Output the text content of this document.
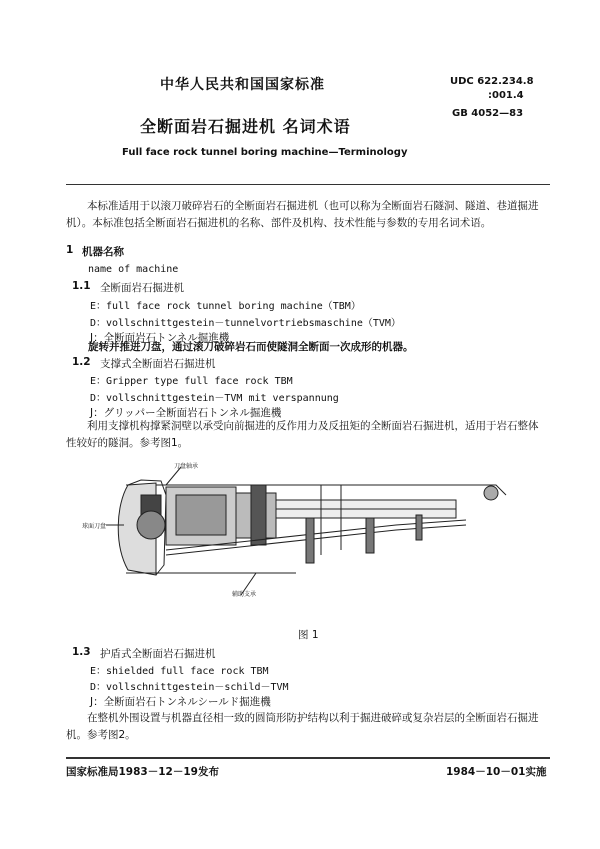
中华人民共和国国家标准	UDC 622.234.8
:001.4
GB 4052—83
全断面岩石掘进机 名词术语
Full face rock tunnel boring machine—Terminology
本标准适用于以滚刀破碎岩石的全断面岩石掘进机（也可以称为全断面岩石隧洞、隧道、巷道掘进机）。本标准包括全断面岩石掘进机的名称、部件及机构、技术性能与参数的专用名词术语。
1 机器名称
name of machine
1.1 全断面岩石掘进机
E：full face rock tunnel boring machine（TBM）
D：vollschnittgestein－tunnelvortriebsmaschine（TVM）
J：全断面岩石トンネル掘進機
旋转并推进刀盘，通过滚刀破碎岩石而使隧洞全断面一次成形的机器。
1.2 支撑式全断面岩石掘进机
E：Gripper type full face rock TBM
D：vollschnittgestein－TVM mit verspannung
J：グリッパー全断面岩石トンネル掘進機
利用支撑机构撑紧洞壁以承受向前掘进的反作用力及反扭矩的全断面岩石掘进机，适用于岩石整体性较好的隧洞。参考图1。
刀盘轴承
球面刀盘
辅助支承
图 1
1.3 护盾式全断面岩石掘进机
E：shielded full face rock TBM
D：vollschnittgestein－schild－TVM
J：全断面岩石トンネルシールド掘進機
在整机外围设置与机器直径相一致的圆筒形防护结构以利于掘进破碎或复杂岩层的全断面岩石掘进机。参考图2。
国家标准局1983－12－19发布	1984－10－01实施
